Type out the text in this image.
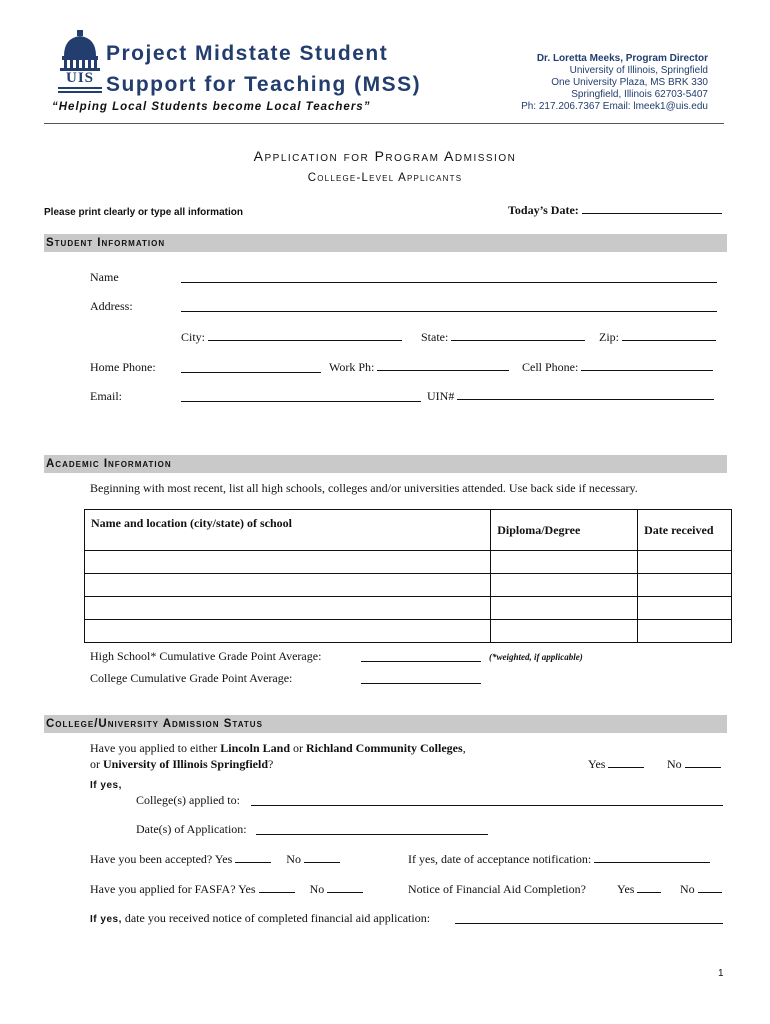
UIS
Project Midstate Student
Support for Teaching (MSS)
“Helping Local Students become Local Teachers”
Dr. Loretta Meeks, Program Director
University of Illinois, Springfield
One University Plaza, MS BRK 330
Springfield, Illinois 62703-5407
Ph: 217.206.7367 Email: lmeek1@uis.edu
Application for Program Admission
College-Level Applicants
Please print clearly or type all information	Today’s Date:
Student Information
Name
Address:
City:	State:	Zip:
Home Phone:	Work Ph:	Cell Phone:
Email:	UIN#
Academic Information
Beginning with most recent, list all high schools, colleges and/or universities attended. Use back side if necessary.
Name and location (city/state) of school	Diploma/Degree	Date received

High School* Cumulative Grade Point Average:	(*weighted, if applicable)
College Cumulative Grade Point Average:
College/University Admission Status
Have you applied to either Lincoln Land or Richland Community Colleges,
or University of Illinois Springfield?	Yes	No
If yes,
College(s) applied to:
Date(s) of Application:
Have you been accepted? Yes	No	If yes, date of acceptance notification:
Have you applied for FASFA? Yes	No	Notice of Financial Aid Completion?	Yes	No
If yes, date you received notice of completed financial aid application:
1
